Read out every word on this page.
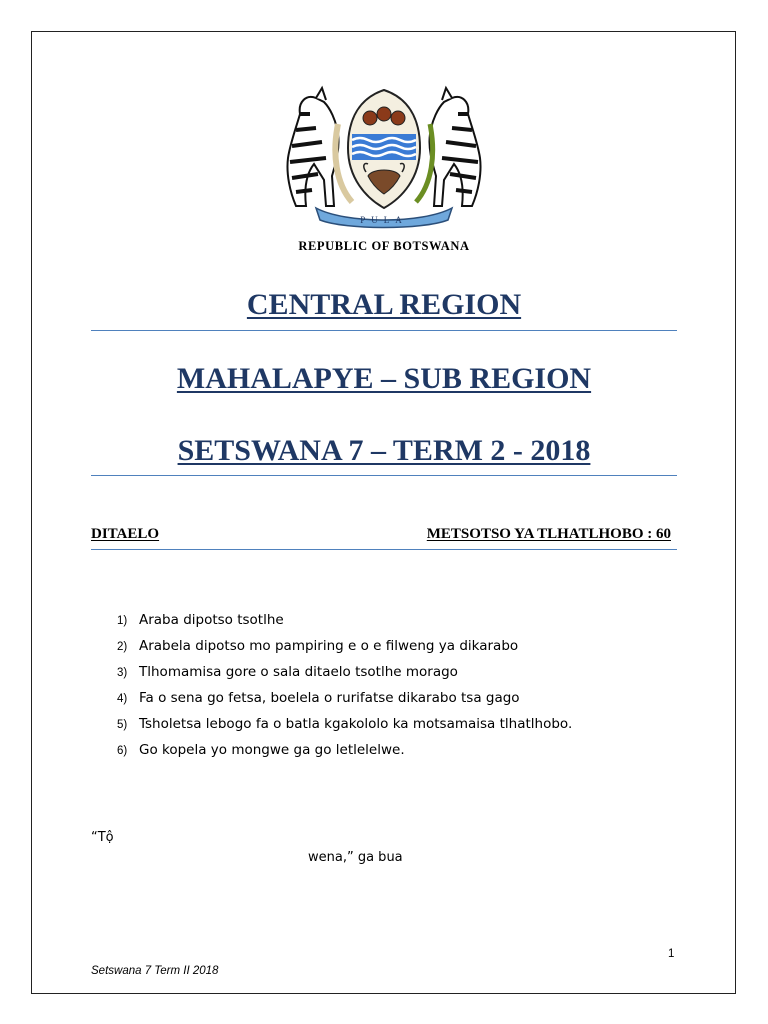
PULA
REPUBLIC OF BOTSWANA
CENTRAL REGION
MAHALAPYE – SUB REGION
SETSWANA 7 – TERM 2 - 2018
DITAELO	METSOTSO YA TLHATLHOBO : 60
1) Araba dipotso tsotlhe
2) Arabela dipotso mo pampiring e o e filweng ya dikarabo
3) Tlhomamisa gore o sala ditaelo tsotlhe morago
4) Fa o sena go fetsa, boelela o rurifatse dikarabo tsa gago
5) Tsholetsa lebogo fa o batla kgakololo ka motsamaisa tlhatlhobo.
6) Go kopela yo mongwe ga go letlelelwe.
“Tộ
wena,” ga bua
1
Setswana 7 Term II 2018
